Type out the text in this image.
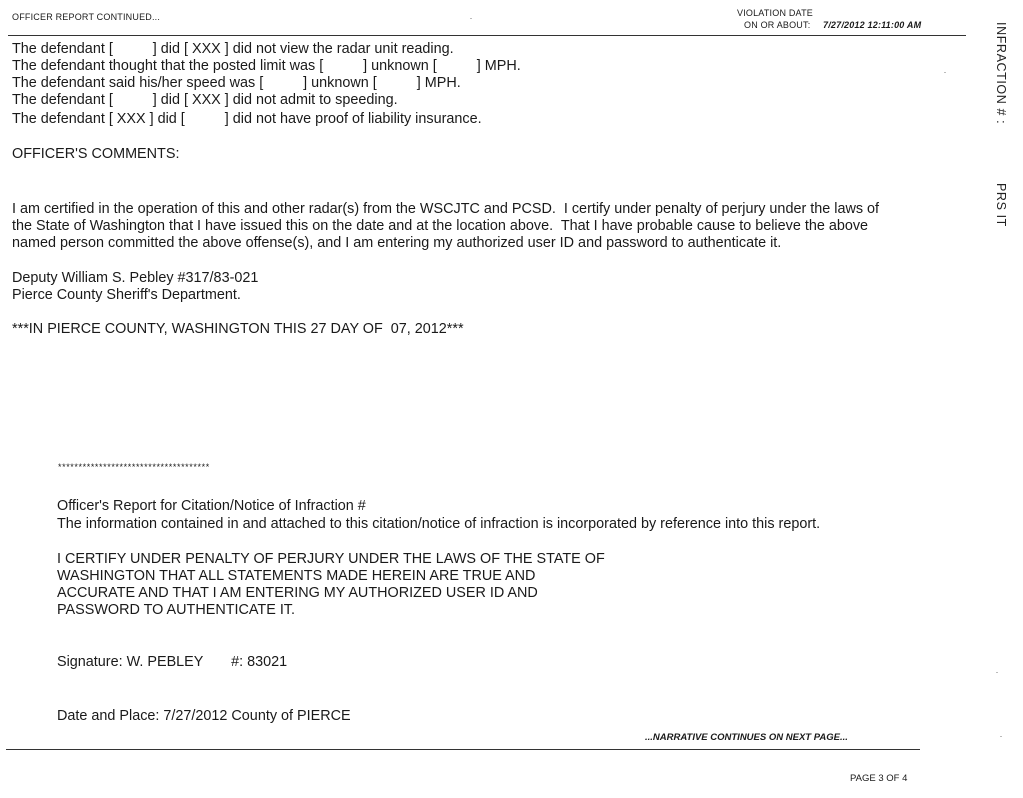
OFFICER REPORT CONTINUED...	VIOLATION DATE
ON OR ABOUT: 7/27/2012 12:11:00 AM	INFRACTION # :
PRS IT
The defendant [          ] did [ XXX ] did not view the radar unit reading.
The defendant thought that the posted limit was [          ] unknown [          ] MPH.
The defendant said his/her speed was [          ] unknown [          ] MPH.
The defendant [          ] did [ XXX ] did not admit to speeding.
The defendant [ XXX ] did [          ] did not have proof of liability insurance.
OFFICER'S COMMENTS:
I am certified in the operation of this and other radar(s) from the WSCJTC and PCSD.  I certify under penalty of perjury under the laws of
the State of Washington that I have issued this on the date and at the location above.  That I have probable cause to believe the above
named person committed the above offense(s), and I am entering my authorized user ID and password to authenticate it.
Deputy William S. Pebley #317/83-021
Pierce County Sheriff's Department.
***IN PIERCE COUNTY, WASHINGTON THIS 27 DAY OF  07, 2012***
*************************************
Officer's Report for Citation/Notice of Infraction #
The information contained in and attached to this citation/notice of infraction is incorporated by reference into this report.
I CERTIFY UNDER PENALTY OF PERJURY UNDER THE LAWS OF THE STATE OF
WASHINGTON THAT ALL STATEMENTS MADE HEREIN ARE TRUE AND
ACCURATE AND THAT I AM ENTERING MY AUTHORIZED USER ID AND
PASSWORD TO AUTHENTICATE IT.
Signature: W. PEBLEY       #: 83021
Date and Place: 7/27/2012 County of PIERCE
...NARRATIVE CONTINUES ON NEXT PAGE...
PAGE 3 OF 4
